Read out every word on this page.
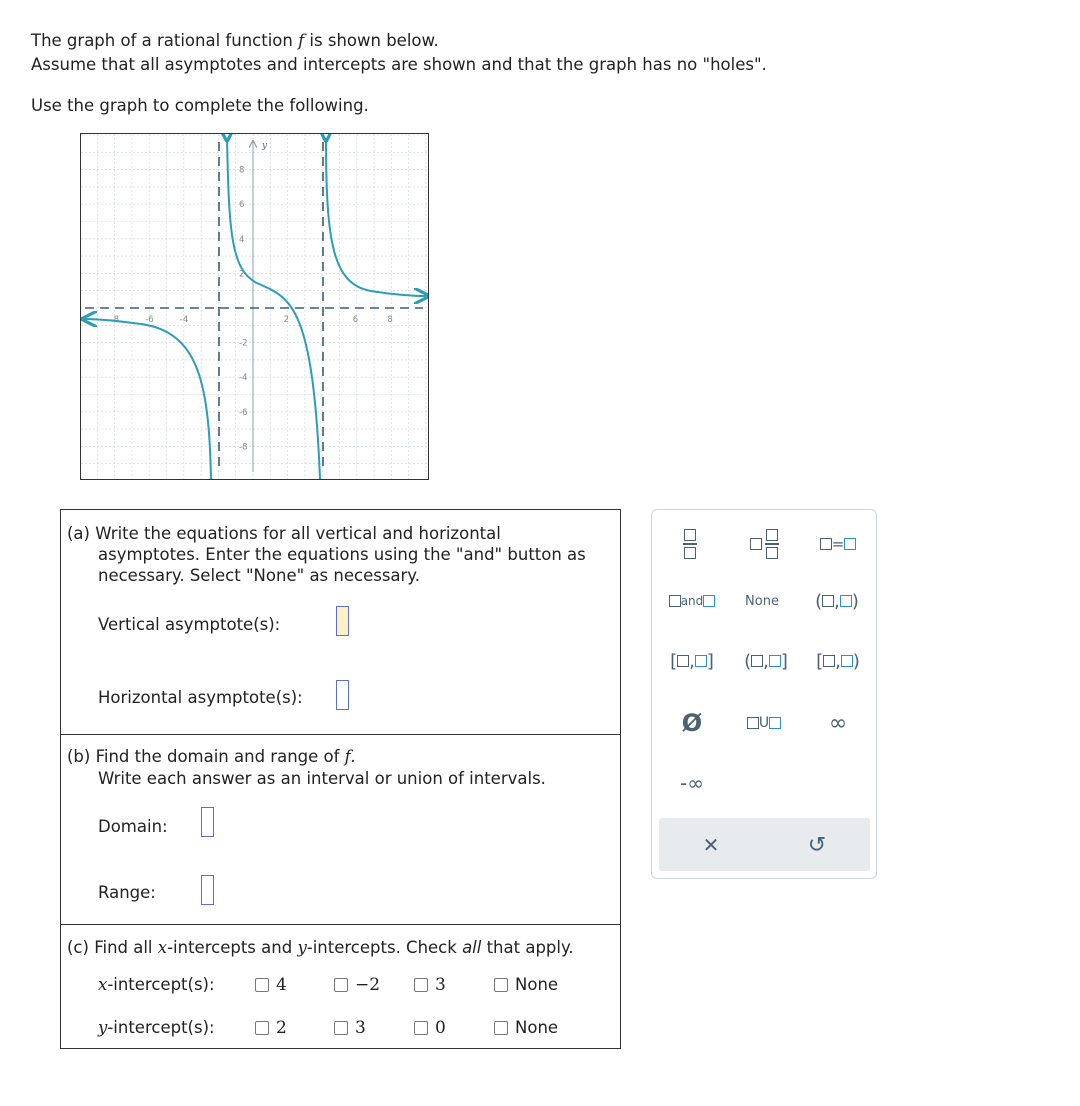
The graph of a rational function f is shown below.
Assume that all asymptotes and intercepts are shown and that the graph has no "holes".
Use the graph to complete the following.
y
-8	-6	-4	2	6	8
8
6
4
2
-2
-4
-6
-8
(a) Write the equations for all vertical and horizontal
asymptotes. Enter the equations using the "and" button as
necessary. Select "None" as necessary.
Vertical asymptote(s):
Horizontal asymptote(s):
(b) Find the domain and range of f.
Write each answer as an interval or union of intervals.
Domain:
Range:
(c) Find all x-intercepts and y-intercepts. Check all that apply.
x-intercept(s):	4	−2	3	None
y-intercept(s):	2	3	0	None
=
and	None	( , )
[ , ]	( , ]	[ , )
Ø	U	∞
-∞
✕	↺
